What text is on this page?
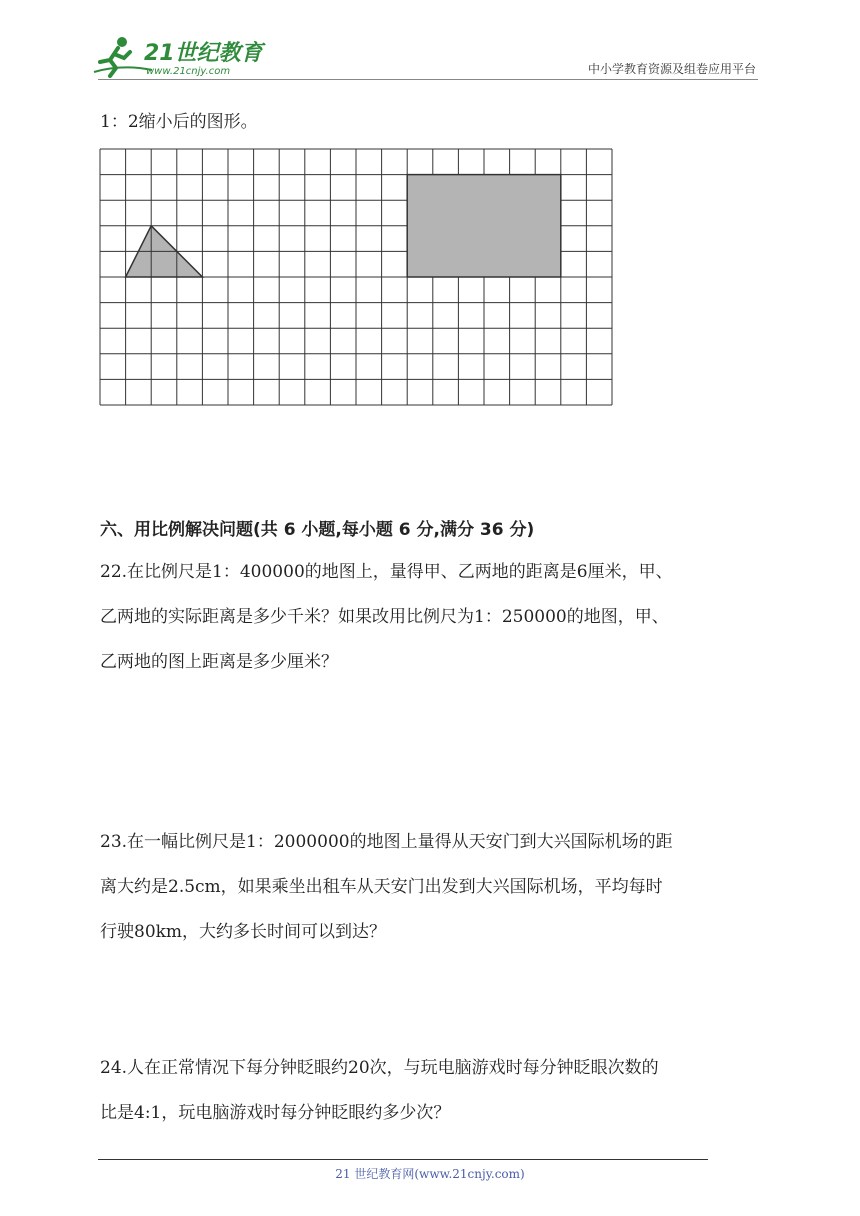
21世纪教育
www.21cnjy.com	中小学教育资源及组卷应用平台
1：2缩小后的图形。
六、用比例解决问题(共 6 小题,每小题 6 分,满分 36 分)
22.在比例尺是1：400000的地图上，量得甲、乙两地的距离是6厘米，甲、
乙两地的实际距离是多少千米？如果改用比例尺为1：250000的地图，甲、
乙两地的图上距离是多少厘米？
23.在一幅比例尺是1：2000000的地图上量得从天安门到大兴国际机场的距
离大约是2.5cm，如果乘坐出租车从天安门出发到大兴国际机场，平均每时
行驶80km，大约多长时间可以到达？
24.人在正常情况下每分钟眨眼约20次，与玩电脑游戏时每分钟眨眼次数的
比是4:1，玩电脑游戏时每分钟眨眼约多少次？
21 世纪教育网(www.21cnjy.com)
